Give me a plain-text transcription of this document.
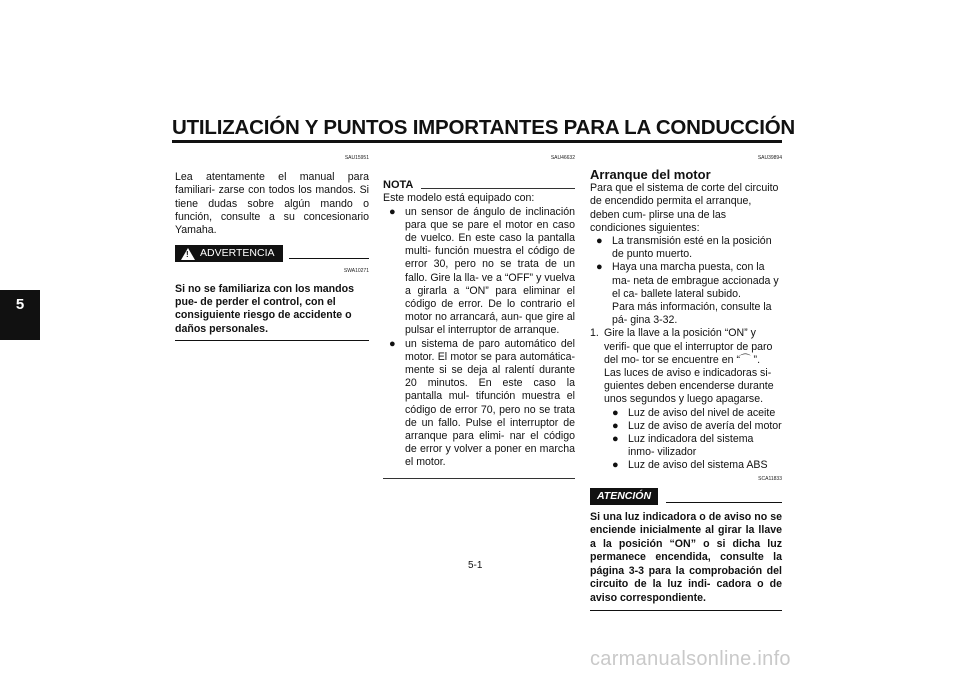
UTILIZACIÓN Y PUNTOS IMPORTANTES PARA LA CONDUCCIÓN
5
SAU15951
Lea atentamente el manual para familiari- zarse con todos los mandos. Si tiene dudas sobre algún mando o función, consulte a su concesionario Yamaha.
! ADVERTENCIA
SWA10271
Si no se familiariza con los mandos pue- de perder el control, con el consiguiente riesgo de accidente o daños personales.
SAU46632
NOTA
Este modelo está equipado con:
● un sensor de ángulo de inclinación para que se pare el motor en caso de vuelco. En este caso la pantalla multi- función muestra el código de error 30, pero no se trata de un fallo. Gire la lla- ve a “OFF” y vuelva a girarla a “ON” para eliminar el código de error. De lo contrario el motor no arrancará, aun- que gire al pulsar el interruptor de arranque.
● un sistema de paro automático del motor. El motor se para automática- mente si se deja al ralentí durante 20 minutos. En este caso la pantalla mul- tifunción muestra el código de error 70, pero no se trata de un fallo. Pulse el interruptor de arranque para elimi- nar el código de error y volver a poner en marcha el motor.
SAU39894
Arranque del motor
Para que el sistema de corte del circuito de encendido permita el arranque, deben cum- plirse una de las condiciones siguientes:
● La transmisión esté en la posición de punto muerto.
● Haya una marcha puesta, con la ma- neta de embrague accionada y el ca- ballete lateral subido.
Para más información, consulte la pá- gina 3-32.
1. Gire la llave a la posición “ON” y verifi- que que el interruptor de paro del mo- tor se encuentre en “⌒ ”.
Las luces de aviso e indicadoras si- guientes deben encenderse durante unos segundos y luego apagarse.
● Luz de aviso del nivel de aceite
● Luz de aviso de avería del motor
● Luz indicadora del sistema inmo- vilizador
● Luz de aviso del sistema ABS
SCA11833
ATENCIÓN
Si una luz indicadora o de aviso no se enciende inicialmente al girar la llave a la posición “ON” o si dicha luz permanece encendida, consulte la página 3-3 para la comprobación del circuito de la luz indi- cadora o de aviso correspondiente.
5-1
carmanualsonline.info
